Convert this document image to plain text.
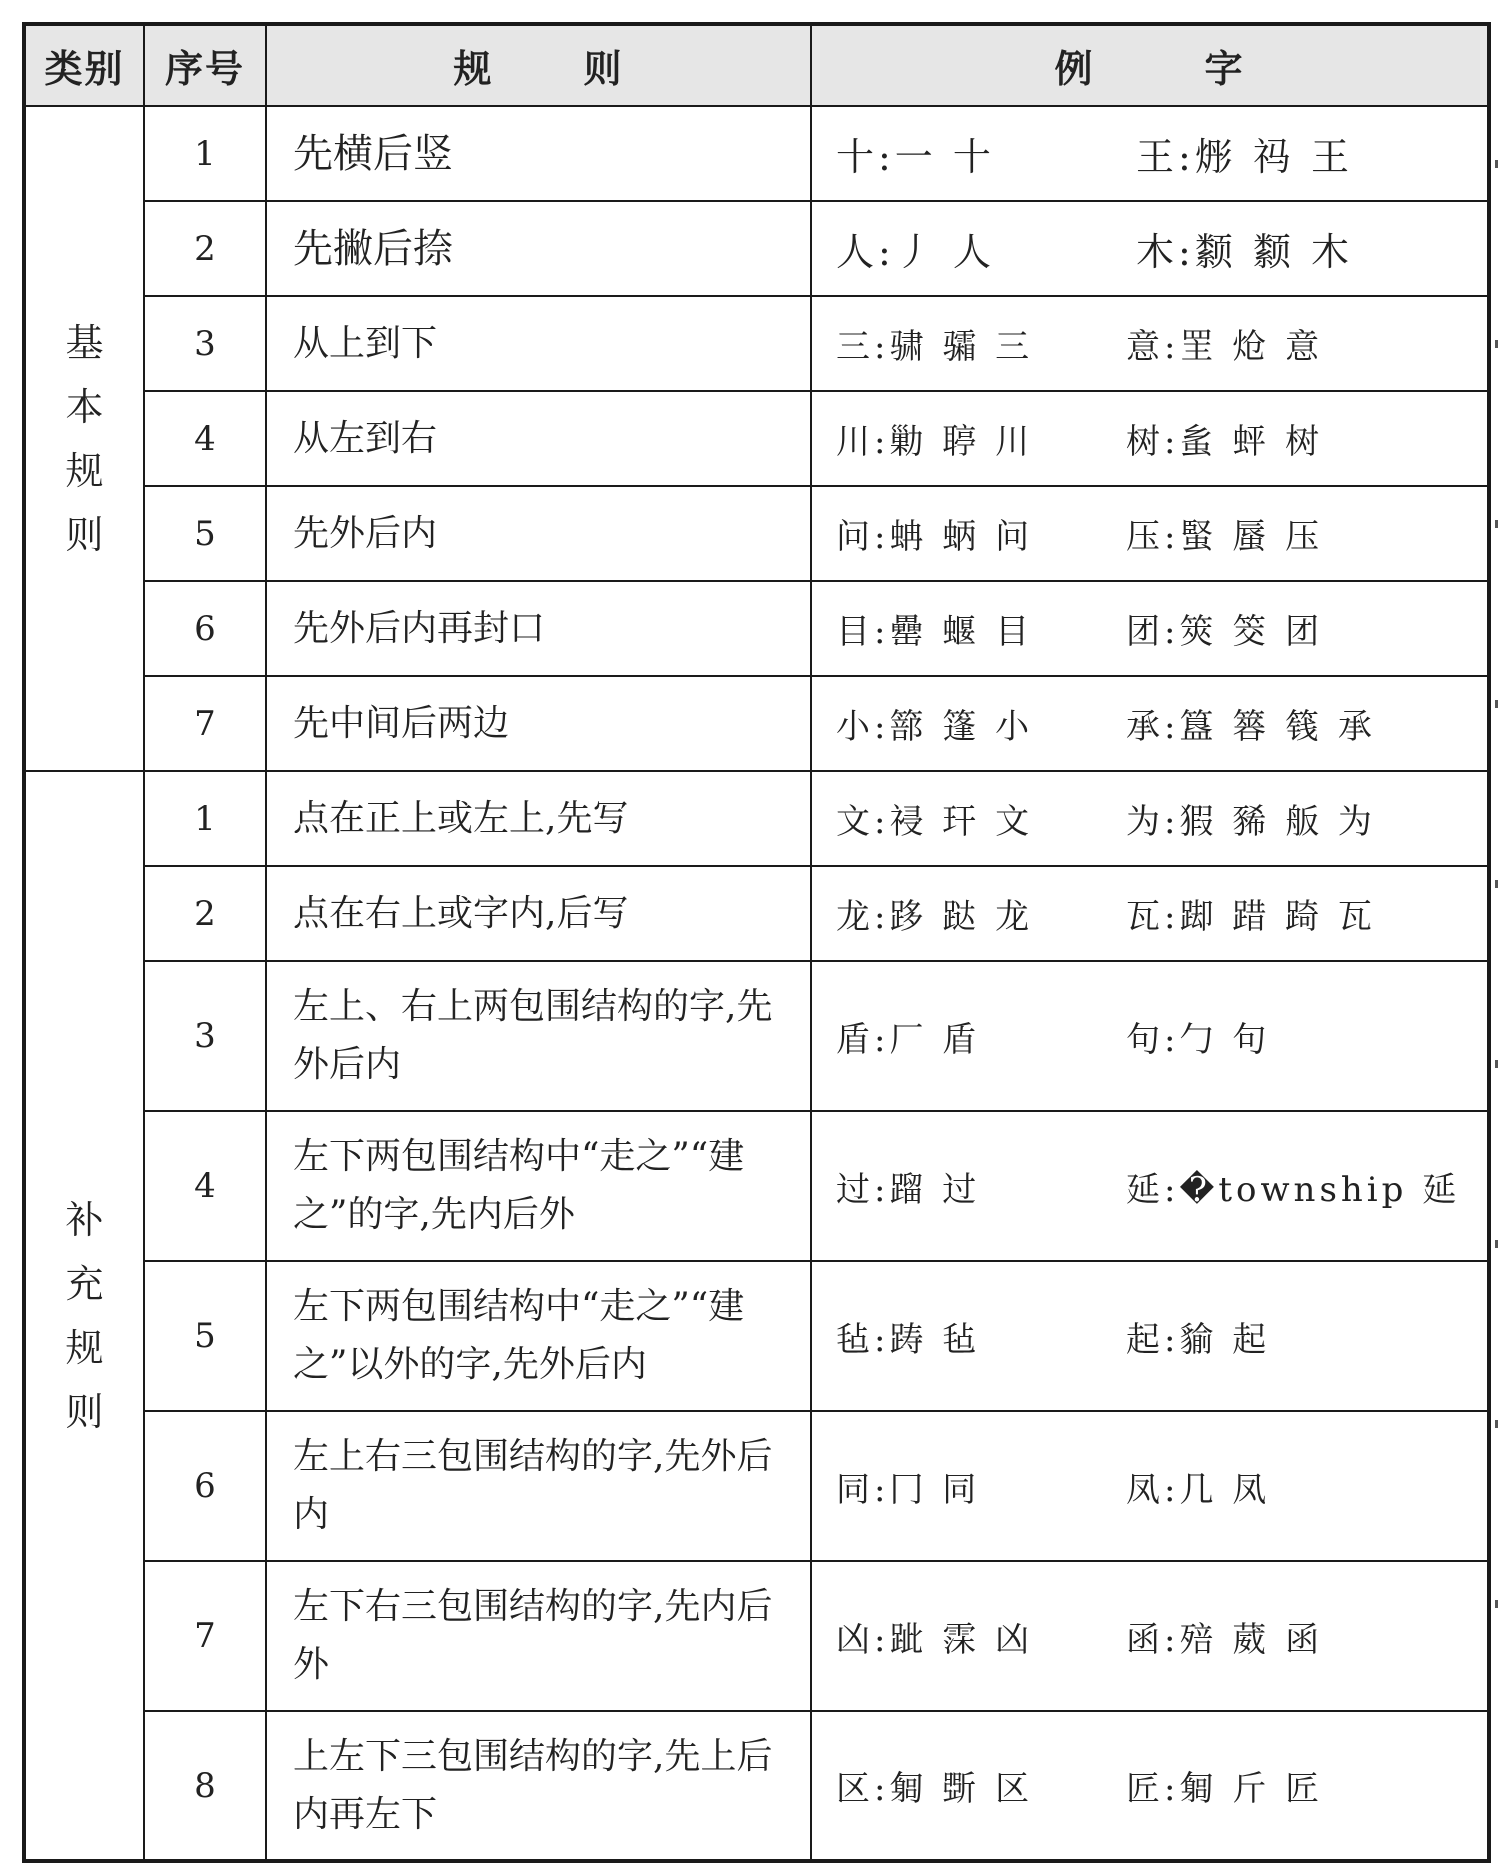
类别	序号	规 则	例 字

基
本
规
则	1	先横后竖	十:一 十 王:烿 祃 王
	2	先撇后捺	人:丿 人 木:颣 颣 木
	3	从上到下	三:骕 骦 三 意:罜 炝 意
	4	从左到右	川:勦 聤 川 树:蚃 蚲 树
	5	先外后内	问:蚺 蛃 问 压:蜸 蜃 压
	6	先外后内再封口	目:罍 蝘 目 团:筴 筊 团
	7	先中间后两边	小:篰 篷 小 承:簋 簭 篯 承

补
充
规
则	1	点在正上或左上,先写	文:祲 玕 文 为:猳 豨 舨 为
	2	点在右上或字内,后写	龙:跢 跶 龙 瓦:踋 踖 踦 瓦
	3	左上、右上两包围结构的字,先外后内	盾:厂 盾 句:勹 句
	4	左下两包围结构中“走之”“建之”的字,先内后外	过:蹓 过 延:�township 延
	5	左下两包围结构中“走之”“建之”以外的字,先外后内	毡:踌 毡 起:貐 起
	6	左上右三包围结构的字,先外后内	同:冂 同 凤:几 凤
	7	左下右三包围结构的字,先内后外	凶:跐 霂 凶 函:殕 葳 函
	8	上左下三包围结构的字,先上后内再左下	区:匔 斲 区 匠:匔 斤 匠
